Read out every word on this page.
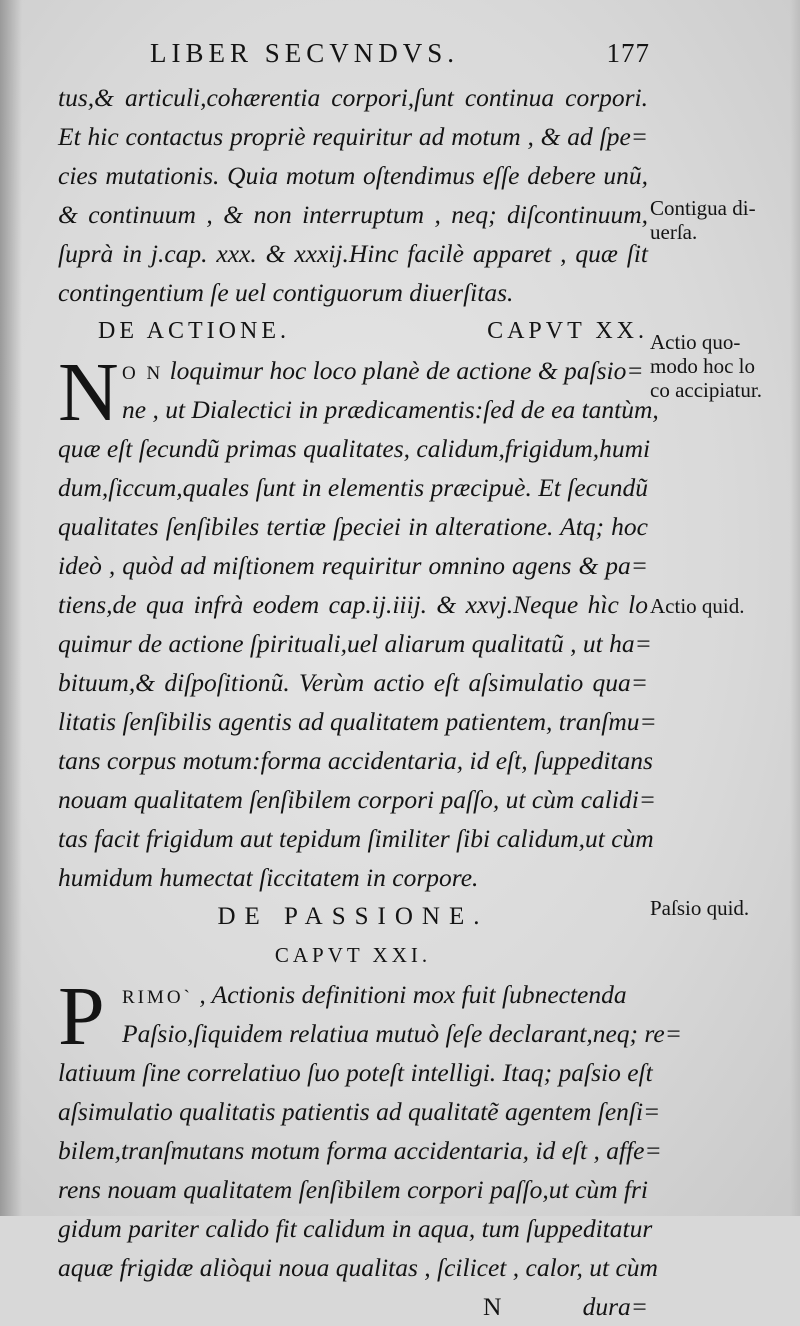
LIBER SECVNDVS.	177
tus,& articuli,cohærentia corpori,ſunt continua corpori.
Et hic contactus propriè requiritur ad motum , & ad ſpe=
cies mutationis. Quia motum oſtendimus eſſe debere unũ,
& continuum , & non interruptum , neq; diſcontinuum,
ſuprà in j.cap. xxx. & xxxij.Hinc facilè apparet , quæ ſit
contingentium ſe uel contiguorum diuerſitas.
DE ACTIONE.	CAPVT XX.
N O N loquimur hoc loco planè de actione & paſsio=
ne , ut Dialectici in prædicamentis:ſed de ea tantùm,
quæ eſt ſecundũ primas qualitates, calidum,frigidum,humi
dum,ſiccum,quales ſunt in elementis præcipuè. Et ſecundũ
qualitates ſenſibiles tertiæ ſpeciei in alteratione. Atq; hoc
ideò , quòd ad miſtionem requiritur omnino agens & pa=
tiens,de qua infrà eodem cap.ij.iiij. & xxvj.Neque hìc lo
quimur de actione ſpirituali,uel aliarum qualitatũ , ut ha=
bituum,& diſpoſitionũ. Verùm actio eſt aſsimulatio qua=
litatis ſenſibilis agentis ad qualitatem patientem, tranſmu=
tans corpus motum:forma accidentaria, id eſt, ſuppeditans
nouam qualitatem ſenſibilem corpori paſſo, ut cùm calidi=
tas facit frigidum aut tepidum ſimiliter ſibi calidum,ut cùm
humidum humectat ſiccitatem in corpore.
DE PASSIONE.
CAPVT XXI.
P RIMO` , Actionis definitioni mox fuit ſubnectenda
Paſsio,ſiquidem relatiua mutuò ſeſe declarant,neq; re=
latiuum ſine correlatiuo ſuo poteſt intelligi. Itaq; paſsio eſt
aſsimulatio qualitatis patientis ad qualitatẽ agentem ſenſi=
bilem,tranſmutans motum forma accidentaria, id eſt , affe=
rens nouam qualitatem ſenſibilem corpori paſſo,ut cùm fri
gidum pariter calido fit calidum in aqua, tum ſuppeditatur
aquæ frigidæ aliòqui noua qualitas , ſcilicet , calor, ut cùm
N	dura=
Contigua di-
uerſa.
Actio quo-
modo hoc lo
co accipiatur.
Actio quid.
Paſsio quid.
